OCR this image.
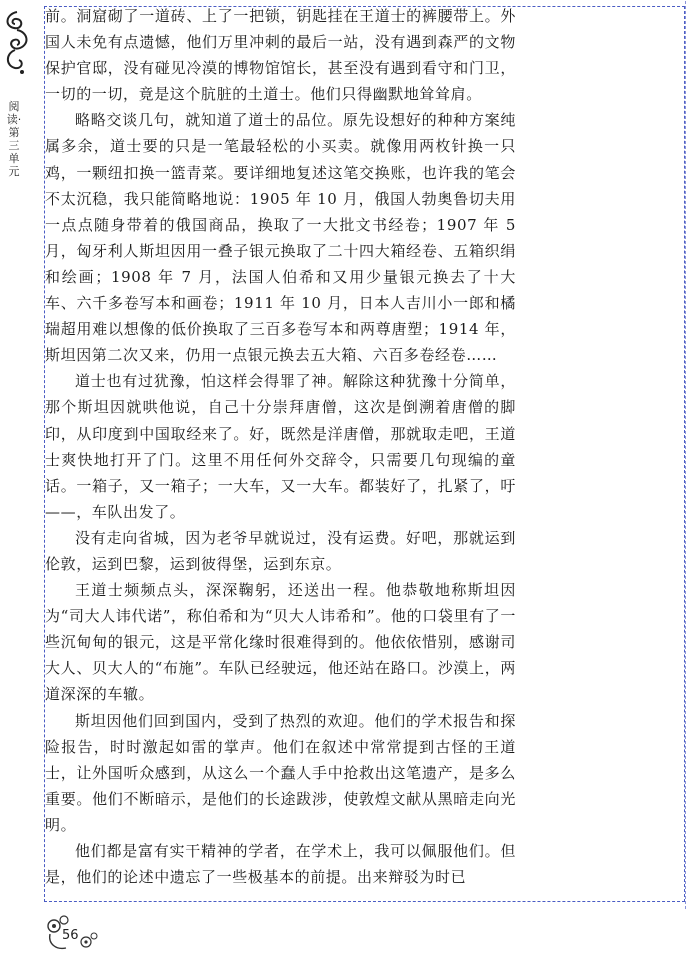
阅读·第三单元

前。洞窟砌了一道砖、上了一把锁，钥匙挂在王道士的裤腰带上。外国人未免有点遗憾，他们万里冲刺的最后一站，没有遇到森严的文物保护官邸，没有碰见冷漠的博物馆馆长，甚至没有遇到看守和门卫，一切的一切，竟是这个肮脏的土道士。他们只得幽默地耸耸肩。

略略交谈几句，就知道了道士的品位。原先设想好的种种方案纯属多余，道士要的只是一笔最轻松的小买卖。就像用两枚针换一只鸡，一颗纽扣换一篮青菜。要详细地复述这笔交换账，也许我的笔会不太沉稳，我只能简略地说：1905 年 10 月，俄国人勃奥鲁切夫用一点点随身带着的俄国商品，换取了一大批文书经卷；1907 年 5 月，匈牙利人斯坦因用一叠子银元换取了二十四大箱经卷、五箱织绢和绘画；1908 年 7 月，法国人伯希和又用少量银元换去了十大车、六千多卷写本和画卷；1911 年 10 月，日本人吉川小一郎和橘瑞超用难以想像的低价换取了三百多卷写本和两尊唐塑；1914 年，斯坦因第二次又来，仍用一点银元换去五大箱、六百多卷经卷……

道士也有过犹豫，怕这样会得罪了神。解除这种犹豫十分简单，那个斯坦因就哄他说，自己十分崇拜唐僧，这次是倒溯着唐僧的脚印，从印度到中国取经来了。好，既然是洋唐僧，那就取走吧，王道士爽快地打开了门。这里不用任何外交辞令，只需要几句现编的童话。一箱子，又一箱子；一大车，又一大车。都装好了，扎紧了，吁——，车队出发了。

没有走向省城，因为老爷早就说过，没有运费。好吧，那就运到伦敦，运到巴黎，运到彼得堡，运到东京。

王道士频频点头，深深鞠躬，还送出一程。他恭敬地称斯坦因为“司大人讳代诺”，称伯希和为“贝大人讳希和”。他的口袋里有了一些沉甸甸的银元，这是平常化缘时很难得到的。他依依惜别，感谢司大人、贝大人的“布施”。车队已经驶远，他还站在路口。沙漠上，两道深深的车辙。

斯坦因他们回到国内，受到了热烈的欢迎。他们的学术报告和探险报告，时时激起如雷的掌声。他们在叙述中常常提到古怪的王道士，让外国听众感到，从这么一个蠢人手中抢救出这笔遗产，是多么重要。他们不断暗示，是他们的长途跋涉，使敦煌文献从黑暗走向光明。

他们都是富有实干精神的学者，在学术上，我可以佩服他们。但是，他们的论述中遗忘了一些极基本的前提。出来辩驳为时已

56
